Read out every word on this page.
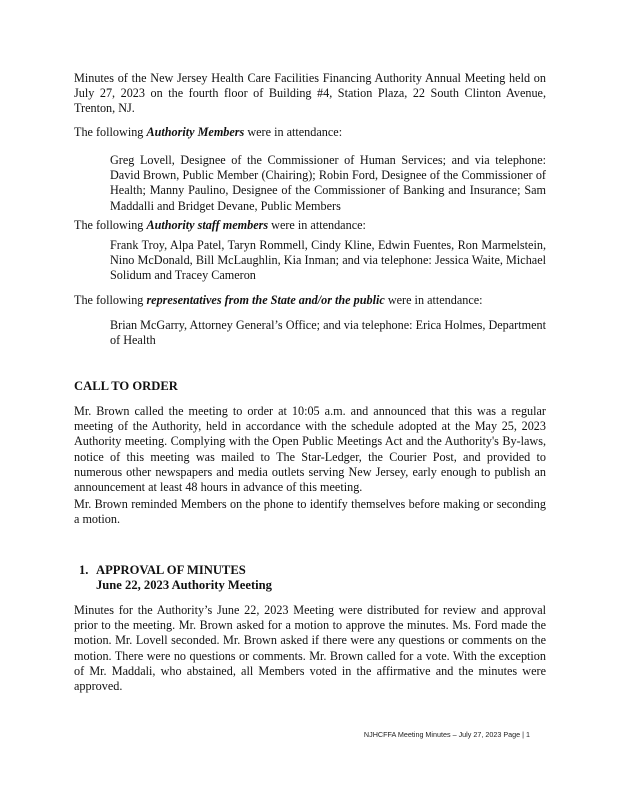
Minutes of the New Jersey Health Care Facilities Financing Authority Annual Meeting held on July 27, 2023 on the fourth floor of Building #4, Station Plaza, 22 South Clinton Avenue, Trenton, NJ.

The following Authority Members were in attendance:

Greg Lovell, Designee of the Commissioner of Human Services; and via telephone: David Brown, Public Member (Chairing); Robin Ford, Designee of the Commissioner of Health; Manny Paulino, Designee of the Commissioner of Banking and Insurance; Sam Maddalli and Bridget Devane, Public Members

The following Authority staff members were in attendance:

Frank Troy, Alpa Patel, Taryn Rommell, Cindy Kline, Edwin Fuentes, Ron Marmelstein, Nino McDonald, Bill McLaughlin, Kia Inman; and via telephone: Jessica Waite, Michael Solidum and Tracey Cameron

The following representatives from the State and/or the public were in attendance:

Brian McGarry, Attorney General’s Office; and via telephone: Erica Holmes, Department of Health

CALL TO ORDER

Mr. Brown called the meeting to order at 10:05 a.m. and announced that this was a regular meeting of the Authority, held in accordance with the schedule adopted at the May 25, 2023 Authority meeting. Complying with the Open Public Meetings Act and the Authority's By-laws, notice of this meeting was mailed to The Star-Ledger, the Courier Post, and provided to numerous other newspapers and media outlets serving New Jersey, early enough to publish an announcement at least 48 hours in advance of this meeting.

Mr. Brown reminded Members on the phone to identify themselves before making or seconding a motion.

1. APPROVAL OF MINUTES

June 22, 2023 Authority Meeting

Minutes for the Authority’s June 22, 2023 Meeting were distributed for review and approval prior to the meeting. Mr. Brown asked for a motion to approve the minutes. Ms. Ford made the motion. Mr. Lovell seconded. Mr. Brown asked if there were any questions or comments on the motion. There were no questions or comments. Mr. Brown called for a vote. With the exception of Mr. Maddali, who abstained, all Members voted in the affirmative and the minutes were approved.

NJHCFFA Meeting Minutes – July 27, 2023 Page | 1
